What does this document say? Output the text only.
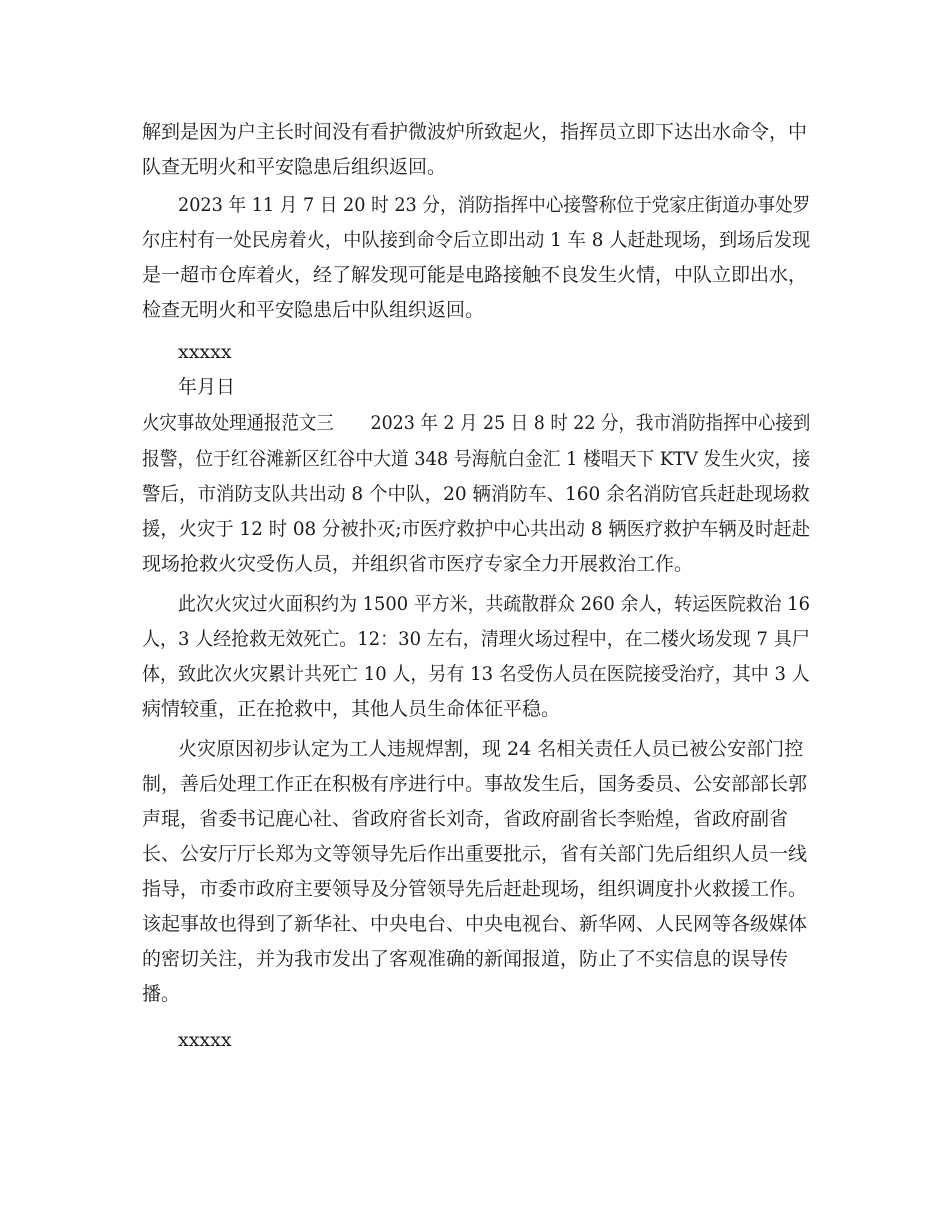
解到是因为户主长时间没有看护微波炉所致起火，指挥员立即下达出水命令，中
队查无明火和平安隐患后组织返回。
2023 年 11 月 7 日 20 时 23 分，消防指挥中心接警称位于党家庄街道办事处罗
尔庄村有一处民房着火，中队接到命令后立即出动 1 车 8 人赶赴现场，到场后发现
是一超市仓库着火，经了解发现可能是电路接触不良发生火情，中队立即出水，
检查无明火和平安隐患后中队组织返回。
xxxxx
年月日
火灾事故处理通报范文三 2023 年 2 月 25 日 8 时 22 分，我市消防指挥中心接到
报警，位于红谷滩新区红谷中大道 348 号海航白金汇 1 楼唱天下 KTV 发生火灾，接
警后，市消防支队共出动 8 个中队，20 辆消防车、160 余名消防官兵赶赴现场救
援，火灾于 12 时 08 分被扑灭;市医疗救护中心共出动 8 辆医疗救护车辆及时赶赴
现场抢救火灾受伤人员，并组织省市医疗专家全力开展救治工作。
此次火灾过火面积约为 1500 平方米，共疏散群众 260 余人，转运医院救治 16
人，3 人经抢救无效死亡。12：30 左右，清理火场过程中，在二楼火场发现 7 具尸
体，致此次火灾累计共死亡 10 人，另有 13 名受伤人员在医院接受治疗，其中 3 人
病情较重，正在抢救中，其他人员生命体征平稳。
火灾原因初步认定为工人违规焊割，现 24 名相关责任人员已被公安部门控
制，善后处理工作正在积极有序进行中。事故发生后，国务委员、公安部部长郭
声琨，省委书记鹿心社、省政府省长刘奇，省政府副省长李贻煌，省政府副省
长、公安厅厅长郑为文等领导先后作出重要批示，省有关部门先后组织人员一线
指导，市委市政府主要领导及分管领导先后赶赴现场，组织调度扑火救援工作。
该起事故也得到了新华社、中央电台、中央电视台、新华网、人民网等各级媒体
的密切关注，并为我市发出了客观准确的新闻报道，防止了不实信息的误导传
播。
xxxxx
